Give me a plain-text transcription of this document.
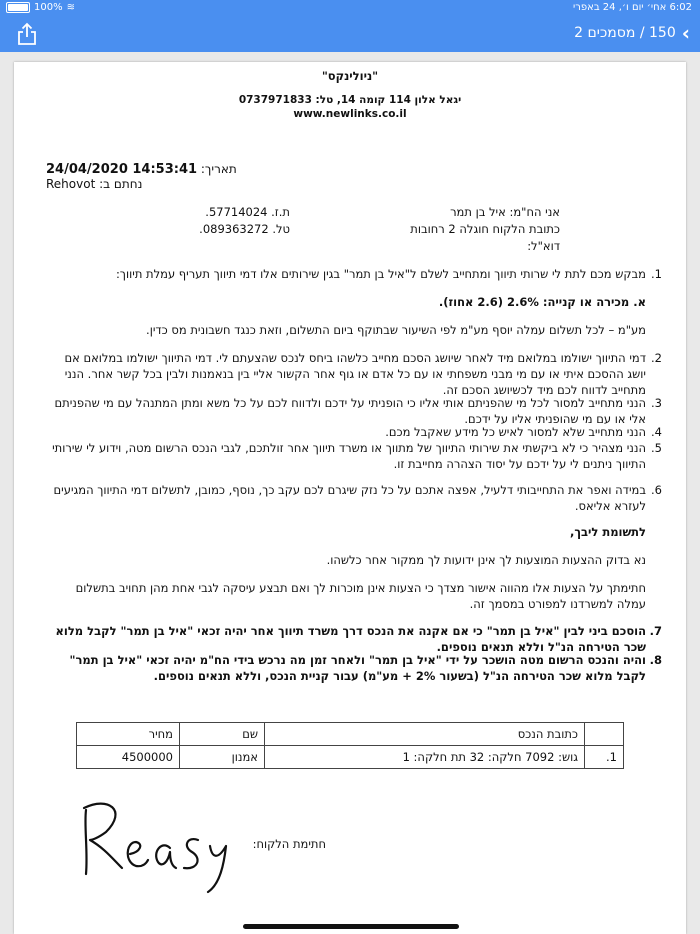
100% ≋	6:02 אחי׳ יום ו׳, 24 באפרי
›
150 / מסמכים 2
"ניולינקס"
יגאל אלון 114 קומה 14, טל: 0737971833
www.newlinks.co.il
תאריך: 24/04/2020 14:53:41
נחתם ב: Rehovot
אני הח"מ: איל בן תמר
ת.ז. 57714024.
כתובת הלקוח חוגלה 2 רחובות
טל. 089363272.
דוא"ל:
1.
מבקש מכם לתת לי שרותי תיווך ומתחייב לשלם ל"איל בן תמר" בגין שירותים אלו דמי תיווך תעריף עמלת תיווך:
א. מכירה או קנייה: 2.6% (2.6 אחוז).
מע"מ – לכל תשלום עמלה יוסף מע"מ לפי השיעור שבתוקף ביום התשלום, וזאת כנגד חשבונית מס כדין.
2.
דמי התיווך ישולמו במלואם מיד לאחר שיושג הסכם מחייב כלשהו ביחס לנכס שהצעתם לי. דמי התיווך ישולמו במלואם אם יושג ההסכם איתי או עם מי מבני משפחתי או עם כל אדם או גוף אחר הקשור אליי בין בנאמנות ולבין בכל קשר אחר. הנני מתחייב לדווח לכם מיד לכשיושג הסכם זה.
3.
הנני מתחייב למסור לכל מי שהפניתם אותי אליו כי הופניתי על ידכם ולדווח לכם על כל משא ומתן המתנהל עם מי שהפניתם אלי או עם מי שהופניתי אליו על ידכם.
4.
הנני מתחייב שלא למסור לאיש כל מידע שאקבל מכם.
5.
הנני מצהיר כי לא ביקשתי את שירותי התיווך של מתווך או משרד תיווך אחר זולתכם, לגבי הנכס הרשום מטה, וידוע לי שירותי התיווך ניתנים לי על ידכם על יסוד הצהרה מחייבת זו.
6.
במידה ואפר את התחייבותי דלעיל, אפצה אתכם על כל נזק שיגרם לכם עקב כך, נוסף, כמובן, לתשלום דמי התיווך המגיעים לעזרא אליאס.
לתשומת ליבך,
נא בדוק ההצעות המוצעות לך אינן ידועות לך ממקור אחר כלשהו.
חתימתך על הצעות אלו מהווה אישור מצדך כי הצעות אינן מוכרות לך ואם תבצע עיסקה לגבי אחת מהן תחויב בתשלום עמלה למשרדנו למפורט במסמך זה.
7.
הוסכם ביני לבין "איל בן תמר" כי אם אקנה את הנכס דרך משרד תיווך אחר יהיה זכאי "איל בן תמר" לקבל מלוא שכר הטירחה הנ"ל וללא תנאים נוספים.
8.
והיה והנכס הרשום מטה הושכר על ידי "איל בן תמר" ולאחר זמן מה נרכש בידי הח"מ יהיה זכאי "איל בן תמר" לקבל מלוא שכר הטירחה הנ"ל (בשעור 2% + מע"מ) עבור קניית הנכס, וללא תנאים נוספים.
	כתובת הנכס	שם	מחיר
1.	גוש: 7092 חלקה: 32 תת חלקה: 1	אמנון	4500000
חתימת הלקוח:
